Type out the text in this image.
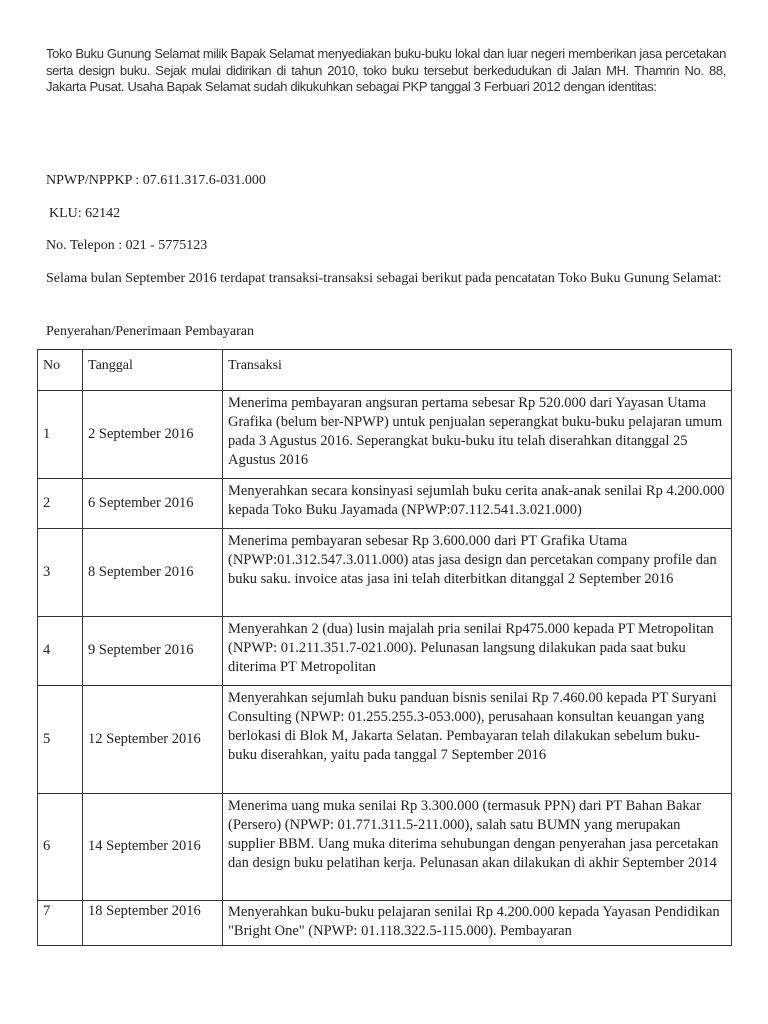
Toko Buku Gunung Selamat milik Bapak Selamat menyediakan buku-buku lokal dan luar negeri memberikan jasa percetakan serta design buku. Sejak mulai didirikan di tahun 2010, toko buku tersebut berkedudukan di Jalan MH. Thamrin No. 88, Jakarta Pusat. Usaha Bapak Selamat sudah dikukuhkan sebagai PKP tanggal 3 Ferbuari 2012 dengan identitas:

NPWP/NPPKP : 07.611.317.6-031.000

KLU: 62142

No. Telepon : 021 - 5775123

Selama bulan September 2016 terdapat transaksi-transaksi sebagai berikut pada pencatatan Toko Buku Gunung Selamat:

Penyerahan/Penerimaan Pembayaran

No	Tanggal	Transaksi
1	2 September 2016	Menerima pembayaran angsuran pertama sebesar Rp 520.000 dari Yayasan Utama Grafika (belum ber-NPWP) untuk penjualan seperangkat buku-buku pelajaran umum pada 3 Agustus 2016. Seperangkat buku-buku itu telah diserahkan ditanggal 25 Agustus 2016
2	6 September 2016	Menyerahkan secara konsinyasi sejumlah buku cerita anak-anak senilai Rp 4.200.000 kepada Toko Buku Jayamada (NPWP:07.112.541.3.021.000)
3	8 September 2016	Menerima pembayaran sebesar Rp 3.600.000 dari PT Grafika Utama (NPWP:01.312.547.3.011.000) atas jasa design dan percetakan company profile dan buku saku. invoice atas jasa ini telah diterbitkan ditanggal 2 September 2016
4	9 September 2016	Menyerahkan 2 (dua) lusin majalah pria senilai Rp475.000 kepada PT Metropolitan (NPWP: 01.211.351.7-021.000). Pelunasan langsung dilakukan pada saat buku diterima PT Metropolitan
5	12 September 2016	Menyerahkan sejumlah buku panduan bisnis senilai Rp 7.460.00 kepada PT Suryani Consulting (NPWP: 01.255.255.3-053.000), perusahaan konsultan keuangan yang berlokasi di Blok M, Jakarta Selatan. Pembayaran telah dilakukan sebelum buku-buku diserahkan, yaitu pada tanggal 7 September 2016
6	14 September 2016	Menerima uang muka senilai Rp 3.300.000 (termasuk PPN) dari PT Bahan Bakar (Persero) (NPWP: 01.771.311.5-211.000), salah satu BUMN yang merupakan supplier BBM. Uang muka diterima sehubungan dengan penyerahan jasa percetakan dan design buku pelatihan kerja. Pelunasan akan dilakukan di akhir September 2014
7	18 September 2016	Menyerahkan buku-buku pelajaran senilai Rp 4.200.000 kepada Yayasan Pendidikan "Bright One" (NPWP: 01.118.322.5-115.000). Pembayaran
